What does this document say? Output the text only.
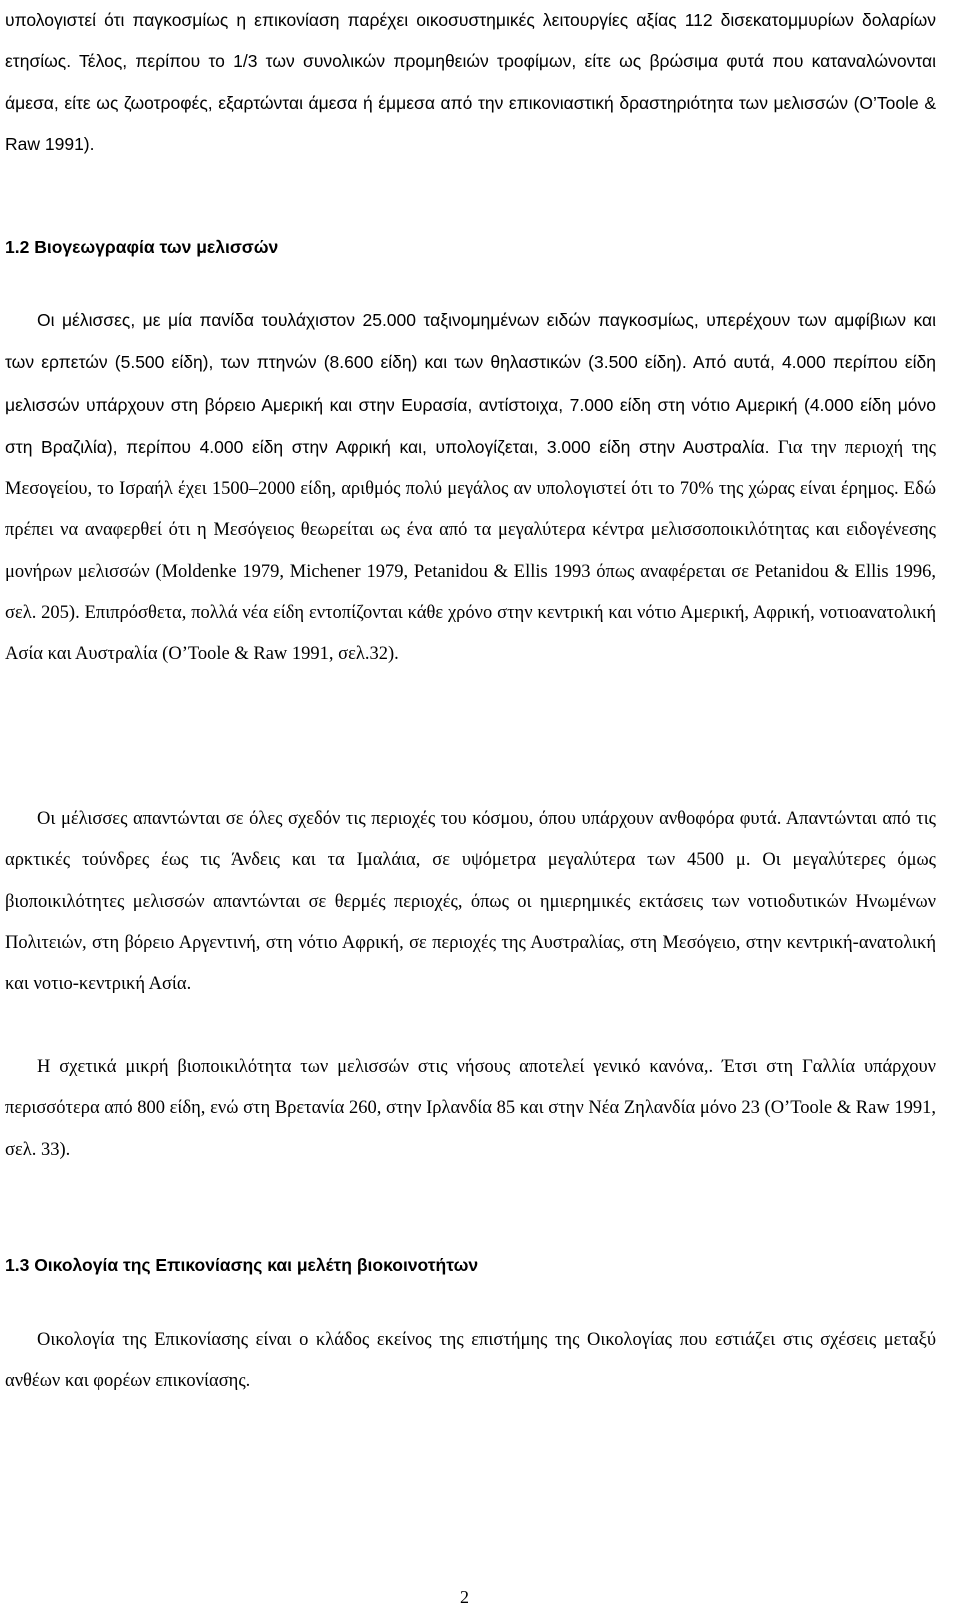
υπολογιστεί ότι παγκοσμίως η επικονίαση παρέχει οικοσυστημικές λειτουργίες αξίας 112 δισεκατομμυρίων δολαρίων ετησίως. Τέλος, περίπου το 1/3 των συνολικών προμηθειών τροφίμων, είτε ως βρώσιμα φυτά που καταναλώνονται άμεσα, είτε ως ζωοτροφές, εξαρτώνται άμεσα ή έμμεσα από την επικονιαστική δραστηριότητα των μελισσών (O’Toole & Raw 1991).

1.2 Βιογεωγραφία των μελισσών

Οι μέλισσες, με μία πανίδα τουλάχιστον 25.000 ταξινομημένων ειδών παγκοσμίως, υπερέχουν των αμφίβιων και των ερπετών (5.500 είδη), των πτηνών (8.600 είδη) και των θηλαστικών (3.500 είδη). Από αυτά, 4.000 περίπου είδη μελισσών υπάρχουν στη βόρειο Αμερική και στην Ευρασία, αντίστοιχα, 7.000 είδη στη νότιο Αμερική (4.000 είδη μόνο στη Βραζιλία), περίπου 4.000 είδη στην Αφρική και, υπολογίζεται, 3.000 είδη στην Αυστραλία. Για την περιοχή της Μεσογείου, το Ισραήλ έχει 1500–2000 είδη, αριθμός πολύ μεγάλος αν υπολογιστεί ότι το 70% της χώρας είναι έρημος. Εδώ πρέπει να αναφερθεί ότι η Μεσόγειος θεωρείται ως ένα από τα μεγαλύτερα κέντρα μελισσοποικιλότητας και ειδογένεσης μονήρων μελισσών (Moldenke 1979, Michener 1979, Petanidou & Ellis 1993 όπως αναφέρεται σε Petanidou & Ellis 1996, σελ. 205). Επιπρόσθετα, πολλά νέα είδη εντοπίζονται κάθε χρόνο στην κεντρική και νότιο Αμερική, Αφρική, νοτιοανατολική Ασία και Αυστραλία (O’Toole & Raw 1991, σελ.32).

Οι μέλισσες απαντώνται σε όλες σχεδόν τις περιοχές του κόσμου, όπου υπάρχουν ανθοφόρα φυτά. Απαντώνται από τις αρκτικές τούνδρες έως τις Άνδεις και τα Ιμαλάια, σε υψόμετρα μεγαλύτερα των 4500 μ. Οι μεγαλύτερες όμως βιοποικιλότητες μελισσών απαντώνται σε θερμές περιοχές, όπως οι ημιερημικές εκτάσεις των νοτιοδυτικών Ηνωμένων Πολιτειών, στη βόρειο Αργεντινή, στη νότιο Αφρική, σε περιοχές της Αυστραλίας, στη Μεσόγειο, στην κεντρική-ανατολική και νοτιο-κεντρική Ασία.

Η σχετικά μικρή βιοποικιλότητα των μελισσών στις νήσους αποτελεί γενικό κανόνα,. Έτσι στη Γαλλία υπάρχουν περισσότερα από 800 είδη, ενώ στη Βρετανία 260, στην Ιρλανδία 85 και στην Νέα Ζηλανδία μόνο 23 (O’Toole & Raw 1991, σελ. 33).

1.3 Οικολογία της Επικονίασης και μελέτη βιοκοινοτήτων

Οικολογία της Επικονίασης είναι ο κλάδος εκείνος της επιστήμης της Οικολογίας που εστιάζει στις σχέσεις μεταξύ ανθέων και φορέων επικονίασης.

2
